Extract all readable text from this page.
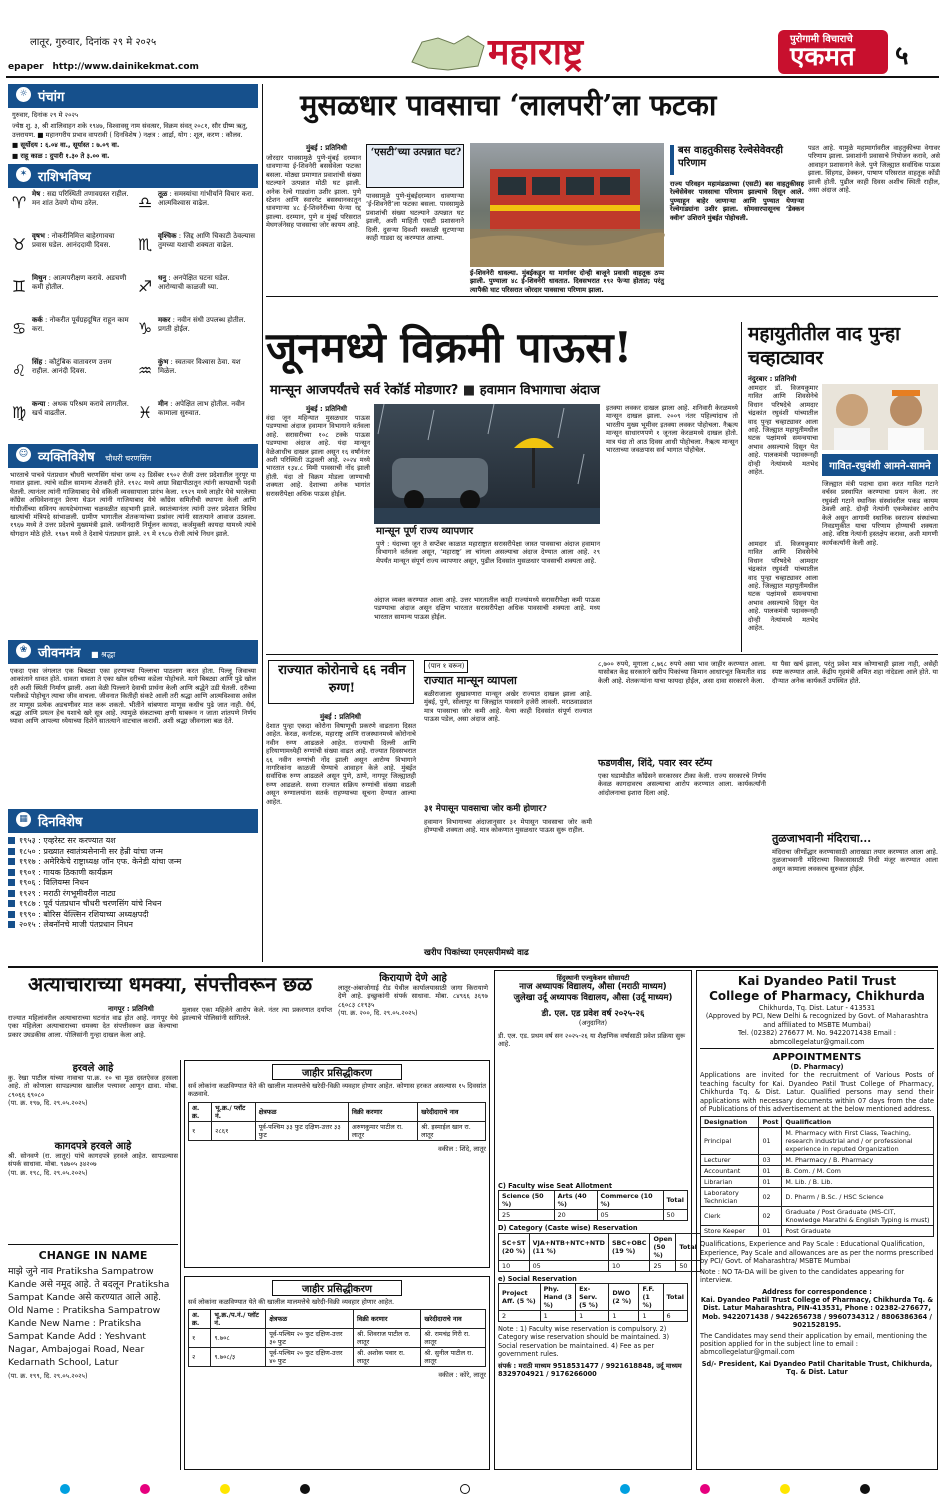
लातूर, गुरुवार, दिनांक २९ मे २०२५	महाराष्ट्र	पुरोगामी विचाराचे
एकमत ५
epaper http://www.dainikekmat.com
☼ पंचांग

गुरुवार, दिनांक २९ मे २०२५

ज्येष्ठ शु. ३, श्री शालिवाहन शके १९४७, विश्वावसु नाम संवत्सर, विक्रम संवत् २०८१, सौर ग्रीष्म ऋतु, उत्तरायण. ■ महानगरीय प्रभाव वापरावी ( दिनविशेष ) नक्षत्र : आर्द्रा, योग : शूल, करण : कौलव.

■ सूर्योदय : ६.०४ वा., सूर्यास्त : ७.०९ वा.

■ राहू काळ : दुपारी १.३० ते ३.०० वा.

✶ राशिभविष्य
♈ मेष : सद्य परिस्थिती तणावग्रस्त राहील. मन शांत ठेवणे योग्य ठरेल.	♎ तूळ : समस्यांचा गांभीर्याने विचार करा. आत्मविश्वास वाढेल.
♉ वृषभ : नोकरीनिमित्त बाहेरगावचा प्रवास घडेल. आनंददायी दिवस.	♏ वृश्चिक : जिद्द आणि चिकाटी ठेवल्यास तुमच्या यशाची शक्यता वाढेल.
♊ मिथुन : आत्मपरीक्षण करावे. अडचणी कमी होतील.	♐ धनु : अनपेक्षित घटना घडेल. आरोग्याची काळजी घ्या.
♋ कर्क : नोकरीत पूर्वग्रहदूषित राहून काम करा.	♑ मकर : नवीन संधी उपलब्ध होतील. प्रगती होईल.
♌ सिंह : कौटुंबिक वातावरण उत्तम राहील. आनंदी दिवस.	♒ कुंभ : स्वतःवर विश्वास ठेवा. यश मिळेल.
♍ कन्या : अथक परिश्रम करावे लागतील. खर्च वाढतील.	♓ मीन : अपेक्षित लाभ होतील. नवीन कामाला सुरुवात.
☺ व्यक्तिविशेष चौधरी चरणसिंग

भारताचे पाचवे पंतप्रधान चौधरी चरणसिंग यांचा जन्म २३ डिसेंबर १९०२ रोजी उत्तर प्रदेशातील नूरपूर या गावात झाला. त्यांचे वडील सामान्य शेतकरी होते. १९२८ मध्ये आग्रा विद्यापीठातून त्यांनी कायद्याची पदवी घेतली. त्यानंतर त्यांनी गाजियाबाद येथे वकिली व्यवसायाला प्रारंभ केला. १९२९ मध्ये लाहोर येथे भरलेल्या काँग्रेस अधिवेशनातून प्रेरणा घेऊन त्यांनी गाजियाबाद येथे काँग्रेस समितीची स्थापना केली आणि गांधीजींच्या सविनय कायदेभंगाच्या चळवळीत सहभागी झाले. स्वातंत्र्यानंतर त्यांनी उत्तर प्रदेशात विविध खात्यांची मंत्रिपदे सांभाळली. ग्रामीण भागातील शेतकऱ्यांच्या प्रश्नांवर त्यांनी सातत्याने आवाज उठवला. १९६७ मध्ये ते उत्तर प्रदेशचे मुख्यमंत्री झाले. जमीनदारी निर्मूलन कायदा, कर्जमुक्ती कायदा यामध्ये त्यांचे योगदान मोठे होते. १९७९ मध्ये ते देशाचे पंतप्रधान झाले. २९ मे १९८७ रोजी त्यांचे निधन झाले.

❀ जीवनमंत्र ■ श्रद्धा

एकदा एका जंगलात एक बिबट्या एका हरणाच्या पिल्लाचा पाठलाग करत होता. पिल्लू जिवाच्या आकांताने धावत होते. धावता धावता ते एका खोल दरीच्या कडेला पोहोचले. मागे बिबट्या आणि पुढे खोल दरी अशी स्थिती निर्माण झाली. अशा वेळी पिल्लाने देवाची प्रार्थना केली आणि श्रद्धेने उडी घेतली. दरीच्या पलीकडे पोहोचून त्याचा जीव वाचला. जीवनात कितीही संकटे आली तरी श्रद्धा आणि आत्मविश्वास असेल तर माणूस प्रत्येक अडचणीवर मात करू शकतो. भीतीने थांबणारा माणूस कधीच पुढे जात नाही. धैर्य, श्रद्धा आणि प्रयत्न हेच यशाचे खरे सूत्र आहे. त्यामुळे संकटाच्या क्षणी घाबरून न जाता शांतपणे निर्णय घ्यावा आणि आपल्या ध्येयाच्या दिशेने सातत्याने वाटचाल करावी. अशी श्रद्धा जीवनाला बळ देते.

▦ दिनविशेष
१९५३ : एव्हरेस्ट सर करण्यात यश
१८५० : प्रख्यात स्वातंत्र्यसेनानी सर हेन्री यांचा जन्म
१९१७ : अमेरिकेचे राष्ट्राध्यक्ष जॉन एफ. केनेडी यांचा जन्म
१९०१ : गायक ठिकाणी कार्यक्रम
१९०६ : विलियम्स निधन
१९२९ : मराठी रंगभूमीवरील नाट्य
१९८७ : पूर्व पंतप्रधान चौधरी चरणसिंग यांचे निधन
१९९० : बोरिस येल्त्सिन रशियाच्या अध्यक्षपदी
२०१५ : लेबनॉनचे माजी पंतप्रधान निधन
मुसळधार पावसाचा ‘लालपरी’ला फटका
मुंबई : प्रतिनिधी
जोरदार पावसामुळे पुणे-मुंबई दरम्यान धावणाऱ्या ई-शिवनेरी बससेवेला फटका बसला. मोठ्या प्रमाणात प्रवाशांची संख्या घटल्याने उत्पन्नात मोठी घट झाली. अनेक रेल्वे गाड्यांना उशीर झाला. पुणे स्टेशन आणि स्वारगेट बसस्थानकातून धावणाऱ्या ४८ ई-शिवनेरींच्या फेऱ्या रद्द झाल्या. दरम्यान, पुणे व मुंबई परिसरात मेघगर्जनेसह पावसाचा जोर कायम आहे.
‘एसटी’च्या उत्पन्नात घट?
पावसामुळे पुणे-मुंबईदरम्यान धावणाऱ्या ‘ई-शिवनेरी’ला फटका बसला. पावसामुळे प्रवाशांची संख्या घटल्याने उत्पन्नात घट झाली, अशी माहिती एसटी प्रशासनाने दिली. दुसऱ्या दिवशी सकाळी सुटणाऱ्या काही गाड्या रद्द करण्यात आल्या.
ई-शिवनेरी धावल्या. मुंबईकडून या मार्गावर दोन्ही बाजूने प्रवासी वाहतूक ठप्प झाली. पुण्याला ४८ ई-शिवनेरी धावतात. दिवसभरात १९२ फेऱ्या होतात; परंतु त्यापैकी घाट परिसरात जोरदार पावसाचा परिणाम झाला.
बस वाहतुकीसह रेल्वेसेवेवरही परिणाम
राज्य परिवहन महामंडळाच्या (एसटी) बस वाहतुकीसह रेल्वेसेवेवर पावसाचा परिणाम झाल्याचे दिसून आले. पुण्याहून बाहेर जाणाऱ्या आणि पुण्यात येणाऱ्या रेल्वेगाड्यांना उशीर झाला. सोमवारपासूनच ‘डेक्कन क्वीन’ उशिराने मुंबईत पोहोचली.
पडत आहे. यामुळे महामार्गावरील वाहतुकीच्या वेगावर परिणाम झाला. प्रवाशांनी प्रवासाचे नियोजन करावे, असे आवाहन प्रशासनाने केले. पुणे जिल्ह्यात सर्वाधिक पाऊस झाला. सिंहगड, डेक्कन, पाषाण परिसरात वाहतूक कोंडी झाली होती. पुढील काही दिवस अशीच स्थिती राहील, असा अंदाज आहे.
जूनमध्ये विक्रमी पाऊस!
मान्सून आजपर्यंतचे सर्व रेकॉर्ड मोडणार? ■ हवामान विभागाचा अंदाज
मुंबई : प्रतिनिधी
वंदा जून महिन्यात मुसळधार पाऊस पडण्याचा अंदाज हवामान विभागाने वर्तवला आहे. सरासरीच्या १०८ टक्के पाऊस पडण्याचा अंदाज आहे. यंदा मान्सून वेळेआधीच दाखल झाला असून १६ वर्षांनंतर अशी परिस्थिती उद्भवली आहे. २०२४ मध्ये भारतात १३४.८ मिमी पावसाची नोंद झाली होती. यंदा तो विक्रम मोडला जाण्याची शक्यता आहे. देशाच्या अनेक भागांत सरासरीपेक्षा अधिक पाऊस होईल.
मान्सून पूर्ण राज्य व्यापणार
पुणे : यंदाच्या जून ते सप्टेंबर काळात महाराष्ट्रात सरासरीपेक्षा जास्त पावसाचा अंदाज हवामान विभागाने वर्तवला असून, ‘महाराष्ट्र’ ला चांगला असल्याचा अंदाज देण्यात आला आहे. २९ मेपर्यंत मान्सून संपूर्ण राज्य व्यापणार असून, पुढील दिवसांत मुसळधार पावसाची शक्यता आहे.
अंदाज व्यक्त करण्यात आला आहे. उत्तर भारतातील काही राज्यांमध्ये सरासरीपेक्षा कमी पाऊस पडण्याचा अंदाज असून दक्षिण भारतात सरासरीपेक्षा अधिक पावसाची शक्यता आहे. मध्य भारतात सामान्य पाऊस होईल.
इतक्या लवकर दाखल झाला आहे. शनिवारी केरळमध्ये मान्सून दाखल झाला. २००९ नंतर पहिल्यांदाच तो भारतीय मुख्य भूमीवर इतक्या लवकर पोहोचला. नैऋत्य मान्सून साधारणपणे १ जूनला केरळमध्ये दाखल होतो. मात्र यंदा तो आठ दिवस आधी पोहोचला. नैऋत्य मान्सून भारताच्या जवळपास सर्व भागात पोहोचेल.
महायुतीतील वाद पुन्हा चव्हाट्यावर
नंदुरबार : प्रतिनिधी
आमदार डॉ. विजयकुमार गावित आणि शिवसेनेचे विधान परिषदेचे आमदार चंद्रकांत रघुवंशी यांच्यातील वाद पुन्हा चव्हाट्यावर आला आहे. जिल्ह्यात महायुतीमधील घटक पक्षांमध्ये समन्वयाचा अभाव असल्याचे दिसून येत आहे. पालकमंत्री पदावरूनही दोन्ही नेत्यांमध्ये मतभेद आहेत.
गावित-रघुवंशी आमने-सामने
जिल्ह्यात मंत्री पदाचा दावा करत गावित गटाने वर्चस्व प्रस्थापित करण्याचा प्रयत्न केला. तर रघुवंशी गटाने स्थानिक संस्थांवरील पकड कायम ठेवली आहे. दोन्ही नेत्यांनी एकमेकांवर आरोप केले असून आगामी स्थानिक स्वराज्य संस्थांच्या निवडणुकीत याचा परिणाम होण्याची शक्यता आहे. वरिष्ठ नेत्यांनी हस्तक्षेप करावा, अशी मागणी कार्यकर्त्यांनी केली आहे.
आमदार डॉ. विजयकुमार गावित आणि शिवसेनेचे विधान परिषदेचे आमदार चंद्रकांत रघुवंशी यांच्यातील वाद पुन्हा चव्हाट्यावर आला आहे. जिल्ह्यात महायुतीमधील घटक पक्षांमध्ये समन्वयाचा अभाव असल्याचे दिसून येत आहे. पालकमंत्री पदावरूनही दोन्ही नेत्यांमध्ये मतभेद आहेत.
राज्यात कोरोनाचे ६६ नवीन रुग्ण!
मुंबई : प्रतिनिधी
देशात पुन्हा एकदा कोरोना विषाणूची प्रकरणे वाढताना दिसत आहेत. केरळ, कर्नाटक, महाराष्ट्र आणि राजस्थानमध्ये कोरोनाचे नवीन रुग्ण आढळले आहेत. राज्याची दिल्ली आणि हरियाणामध्येही रुग्णांची संख्या वाढत आहे. राज्यात दिवसभरात ६६ नवीन रुग्णांची नोंद झाली असून आरोग्य विभागाने नागरिकांना काळजी घेण्याचे आवाहन केले आहे. मुंबईत सर्वाधिक रुग्ण आढळले असून पुणे, ठाणे, नागपूर जिल्ह्यातही रुग्ण आढळले. सध्या राज्यात सक्रिय रुग्णांची संख्या वाढली असून रुग्णालयांना सतर्क राहण्याच्या सूचना देण्यात आल्या आहेत.
(पान १ वरून)
राज्यात मान्सून व्यापला
बळीराजाला सुखावणारा मान्सून अखेर राज्यात दाखल झाला आहे. मुंबई, पुणे, सोलापूर या जिल्ह्यांत पावसाने हजेरी लावली. मराठवाड्यात मात्र पावसाचा जोर कमी आहे. येत्या काही दिवसांत संपूर्ण राज्यात पाऊस पडेल, असा अंदाज आहे.
३१ मेपासून पावसाचा जोर कमी होणार?
हवामान विभागाच्या अंदाजानुसार ३१ मेपासून पावसाचा जोर कमी होण्याची शक्यता आहे. मात्र कोकणात मुसळधार पाऊस सुरू राहील.
खरीप पिकांच्या एमएसपीमध्ये वाढ
८,७०० रुपये, मूगाला ८,७६८ रुपये असा भाव जाहीर करण्यात आला. यासोबत केंद्र सरकारने खरीप पिकांच्या किमान आधारभूत किमतीत वाढ केली आहे. शेतकऱ्यांना याचा फायदा होईल, असा दावा सरकारने केला.
फडणवीस, शिंदे, पवार स्वर स्टॅम्प
एका घडामोडीत काँग्रेसने सरकारवर टीका केली. राज्य सरकारचे निर्णय केवळ कागदावरच असल्याचा आरोप करण्यात आला. कार्यकर्त्यांनी आंदोलनाचा इशारा दिला आहे.
या पैसा खर्च झाला, परंतु प्रवेश मात्र कोणाचाही झाला नाही, असेही स्पष्ट करण्यात आले. केंद्रीय गृहमंत्री अमित शहा नांदेडला आले होते. या दौऱ्यात अनेक कार्यकर्ते उपस्थित होते.
तुळजाभवानी मंदिराचा...
मंदिराचा जीर्णोद्धार करण्यासाठी आराखडा तयार करण्यात आला आहे. तुळजाभवानी मंदिराच्या विकासासाठी निधी मंजूर करण्यात आला असून कामाला लवकरच सुरुवात होईल.
अत्याचाराच्या धमक्या, संपत्तीवरून छळ
नागपूर : प्रतिनिधी
राज्यात महिलांवरील अत्याचाराच्या घटनांत वाढ होत आहे. नागपूर येथे एका महिलेला अत्याचाराच्या धमक्या देत संपत्तीवरून छळ केल्याचा प्रकार उघडकीस आला. पोलिसांनी गुन्हा दाखल केला आहे.
मुलावर एका महिलेने आरोप केले. नंतर त्या प्रकरणात दर्याप्त झाल्याचे पोलिसांनी सांगितले.
हरवले आहे
कु. रेखा पाटील यांच्या नावाचा पा.क्र. १० चा मूळ दस्तऐवज हरवला आहे. तो कोणाला सापडल्यास खालील पत्त्यावर आणून द्यावा. मोबा. ८९०६६ ६९०८०
(पा. क्र. १९७, दि. २९.०५.२०२५)
कागदपत्रे हरवले आहे
श्री. सोनवणे (रा. लातूर) यांचे कागदपत्रे हरवले आहेत. सापडल्यास संपर्क साधावा. मोबा. ९४७०५ ३४२०७
(पा. क्र. १९८, दि. २९.०५.२०२५)
CHANGE IN NAME
माझे जुने नाव Pratiksha Sampatrow Kande असे नमूद आहे. ते बदलून Pratiksha Sampat Kande असे करण्यात आले आहे. Old Name : Pratiksha Sampatrow Kande New Name : Pratiksha Sampat Kande Add : Yeshvant Nagar, Ambajogai Road, Near Kedarnath School, Latur
(पा. क्र. १९९, दि. २९.०५.२०२५)
किरायाणे देणे आहे
लातूर-अंबाजोगाई रोड येथील कार्यालयासाठी जागा किरायाणे देणे आहे. इच्छुकांनी संपर्क साधावा. मोबा. ८४९६६ ३६९७ ८६०८३ ८१९३५
(पा. क्र. २००, दि. २९.०५.२०२५)
जाहीर प्रसिद्धीकरण
सर्व लोकांना कळविण्यात येते की खालील मालमत्तेचे खरेदी-विक्री व्यवहार होणार आहेत. कोणास हरकत असल्यास १५ दिवसांत कळवावे.
अ. क्र.	भू.क्र./ प्लॉट नं.	क्षेत्रफळ	विक्री करणार	खरेदीदाराचे नाव
१	२८६१	पूर्व-पश्चिम ३३ फुट दक्षिण-उत्तर ३३ फुट	अरुणकुमार पाटील रा. लातूर	श्री. इस्माईल खान रा. लातूर
वकील : शिंदे, लातूर
जाहीर प्रसिद्धीकरण
सर्व लोकांना कळविण्यात येते की खालील मालमत्तेचे खरेदी-विक्री व्यवहार होणार आहेत.
अ. क्र.	भू.क्र./प.नं./ प्लॉट नं.	क्षेत्रफळ	विक्री करणार	खरेदीदाराचे नाव
१	९.७०८	पूर्व-पश्चिम २० फुट दक्षिण-उत्तर ३० फुट	श्री. शिवराज पाटील रा. लातूर	श्री. रामचंद्र गिरी रा. लातूर
२	९.७०८/३	पूर्व-पश्चिम २० फुट दक्षिण-उत्तर ४० फुट	श्री. अशोक पवार रा. लातूर	श्री. सुनील पाटील रा. लातूर
वकील : कोरे, लातूर
हिंदुस्थानी एज्युकेशन सोसायटी
नाज अध्यापक विद्यालय, औसा (मराठी माध्यम)
जुलेखा उर्दू अध्यापक विद्यालय, औसा (उर्दू माध्यम)
डी. एल. एड प्रवेश वर्ष २०२५-२६
(अनुदानित)
डी. एल. एड. प्रथम वर्ष सन २०२५-२६ या शैक्षणिक वर्षासाठी प्रवेश प्रक्रिया सुरू आहे.
C) Faculty wise Seat Allotment
Science (50 %)	Arts (40 %)	Commerce (10 %)	Total
25	20	05	50
D) Category (Caste wise) Reservation
SC+ST (20 %)	VJA+NTB+NTC+NTD (11 %)	SBC+OBC (19 %)	Open (50 %)	Total
10	05	10	25	50
e) Social Reservation
Project Aff. (5 %)	Phy. Hand (3 %)	Ex-Serv. (5 %)	DWO (2 %)	F.F. (1 %)	Total
2	1	1	1	1	6
Note : 1) Faculty wise reservation is compulsory. 2) Category wise reservation should be maintained. 3) Social reservation be maintained. 4) Fee as per government rules.
संपर्क : मराठी माध्यम 9518531477 / 9921618848, उर्दू माध्यम 8329704921 / 9176266000
Kai Dyandeo Patil Trust
College of Pharmacy, Chikhurda
Chikhurda, Tq. Dist. Latur - 413531
(Approved by PCI, New Delhi & recognized by Govt. of Maharashtra and affiliated to MSBTE Mumbai)
Tel. (02382) 276677 M. No. 9422071438 Email : abmcollegelatur@gmail.com
APPOINTMENTS
(D. Pharmacy)
Applications are invited for the recruitment of Various Posts of teaching faculty for Kai. Dyandeo Patil Trust College of Pharmacy, Chikhurda Tq. & Dist. Latur. Qualified persons may send their applications with necessary documents within 07 days from the date of Publications of this advertisement at the below mentioned address.
Designation	Post	Qualification
Principal	01	M. Pharmacy with First Class, Teaching, research industrial and / or professional experience in reputed Organization
Lecturer	03	M. Pharmacy / B. Pharmacy
Accountant	01	B. Com. / M. Com
Librarian	01	M. Lib. / B. Lib.
Laboratory Technician	02	D. Pharm / B.Sc. / HSC Science
Clerk	02	Graduate / Post Graduate (MS-CIT, Knowledge Marathi & English Typing is must)
Store Keeper	01	Post Graduate
Qualifications, Experience and Pay Scale : Educational Qualification, Experience, Pay Scale and allowances are as per the norms prescribed by PCI/ Govt. of Maharashtra/ MSBTE Mumbai
Note : NO TA-DA will be given to the candidates appearing for interview.
Address for correspondence :
Kai. Dyandeo Patil Trust College of Pharmacy, Chikhurda Tq. & Dist. Latur Maharashtra, PIN-413531, Phone : 02382-276677, Mob. 9422071438 / 9422656738 / 9960734312 / 8806386364 / 9021528195.
The Candidates may send their application by email, mentioning the position applied for in the subject line to email : abmcollegelatur@gmail.com
Sd/- President, Kai Dyandeo Patil Charitable Trust, Chikhurda, Tq. & Dist. Latur
